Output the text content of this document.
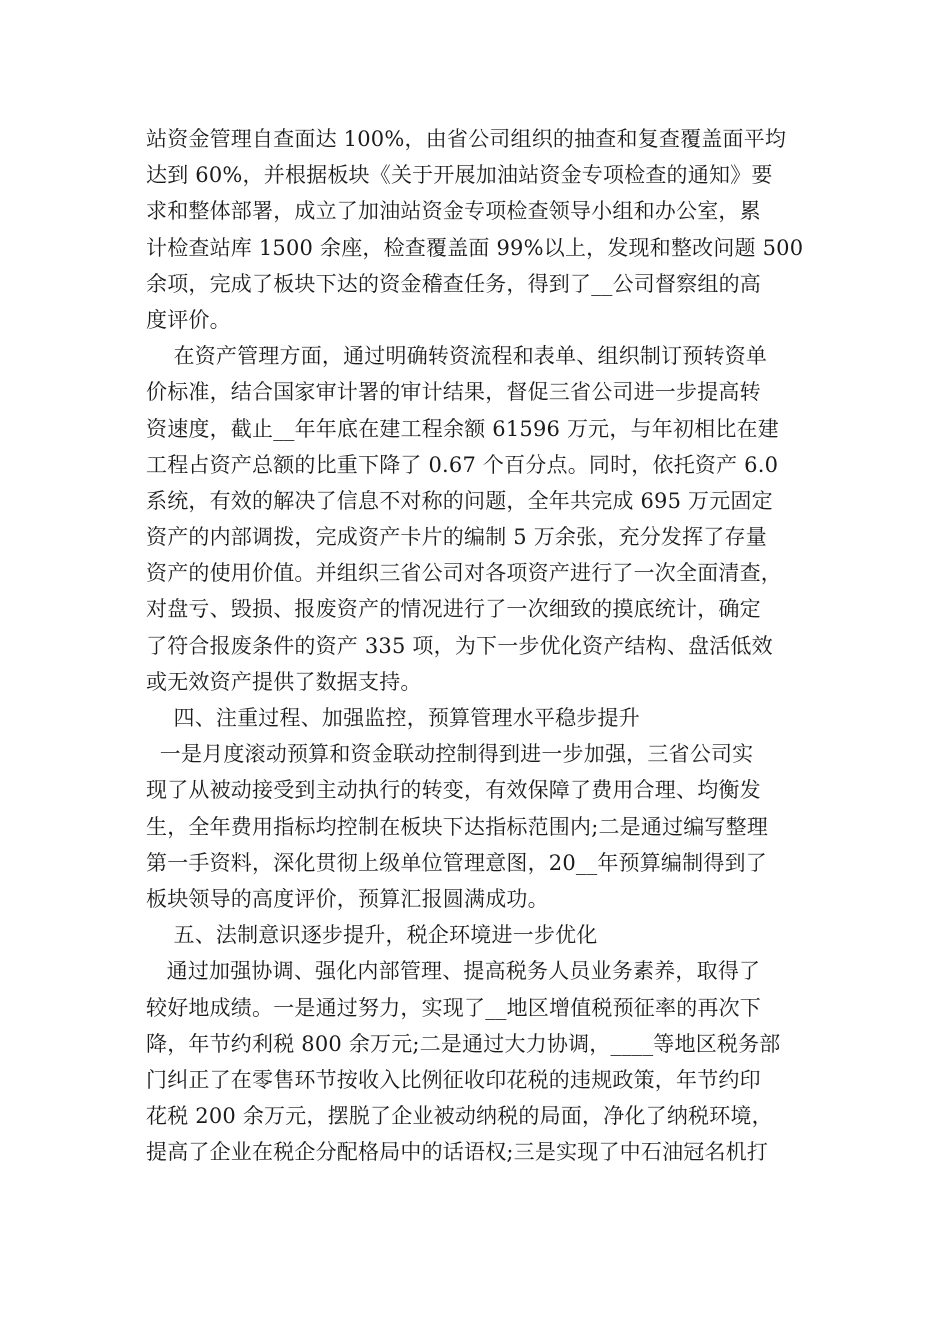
站资金管理自查面达 100%，由省公司组织的抽查和复查覆盖面平均
达到 60%，并根据板块《关于开展加油站资金专项检查的通知》要
求和整体部署，成立了加油站资金专项检查领导小组和办公室，累
计检查站库 1500 余座，检查覆盖面 99%以上，发现和整改问题 500
余项，完成了板块下达的资金稽查任务，得到了__公司督察组的高
度评价。
在资产管理方面，通过明确转资流程和表单、组织制订预转资单
价标准，结合国家审计署的审计结果，督促三省公司进一步提高转
资速度，截止__年年底在建工程余额 61596 万元，与年初相比在建
工程占资产总额的比重下降了 0.67 个百分点。同时，依托资产 6.0
系统，有效的解决了信息不对称的问题，全年共完成 695 万元固定
资产的内部调拨，完成资产卡片的编制 5 万余张，充分发挥了存量
资产的使用价值。并组织三省公司对各项资产进行了一次全面清查，
对盘亏、毁损、报废资产的情况进行了一次细致的摸底统计，确定
了符合报废条件的资产 335 项，为下一步优化资产结构、盘活低效
或无效资产提供了数据支持。
四、注重过程、加强监控，预算管理水平稳步提升
一是月度滚动预算和资金联动控制得到进一步加强，三省公司实
现了从被动接受到主动执行的转变，有效保障了费用合理、均衡发
生，全年费用指标均控制在板块下达指标范围内;二是通过编写整理
第一手资料，深化贯彻上级单位管理意图，20__年预算编制得到了
板块领导的高度评价，预算汇报圆满成功。
五、法制意识逐步提升，税企环境进一步优化
通过加强协调、强化内部管理、提高税务人员业务素养，取得了
较好地成绩。一是通过努力，实现了__地区增值税预征率的再次下
降，年节约利税 800 余万元;二是通过大力协调，____等地区税务部
门纠正了在零售环节按收入比例征收印花税的违规政策，年节约印
花税 200 余万元，摆脱了企业被动纳税的局面，净化了纳税环境，
提高了企业在税企分配格局中的话语权;三是实现了中石油冠名机打
